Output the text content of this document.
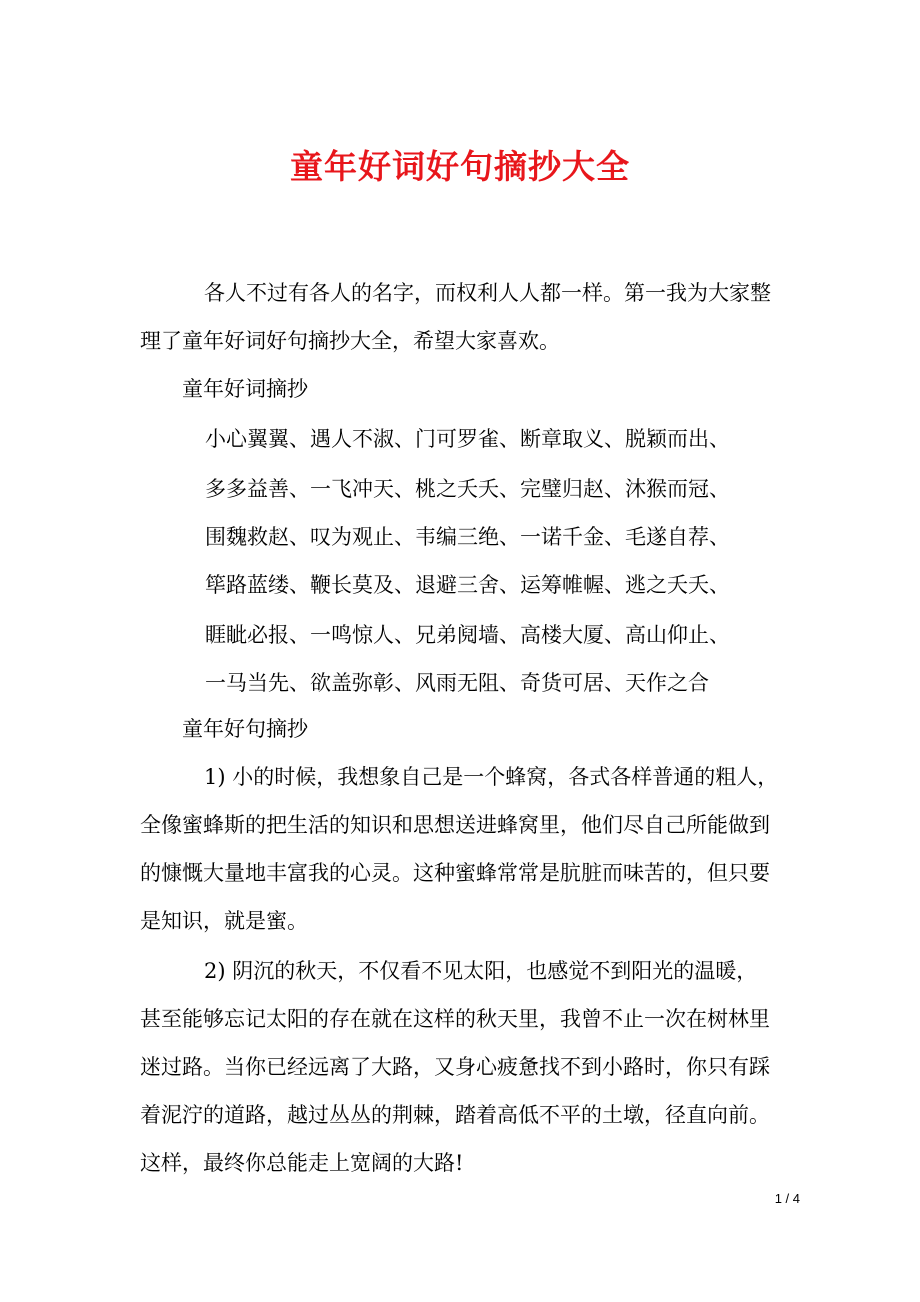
童年好词好句摘抄大全

各人不过有各人的名字，而权利人人都一样。第一我为大家整

理了童年好词好句摘抄大全，希望大家喜欢。

童年好词摘抄

小心翼翼、遇人不淑、门可罗雀、断章取义、脱颖而出、

多多益善、一飞冲天、桃之夭夭、完璧归赵、沐猴而冠、

围魏救赵、叹为观止、韦编三绝、一诺千金、毛遂自荐、

筚路蓝缕、鞭长莫及、退避三舍、运筹帷幄、逃之夭夭、

睚眦必报、一鸣惊人、兄弟阋墙、高楼大厦、高山仰止、

一马当先、欲盖弥彰、风雨无阻、奇货可居、天作之合

童年好句摘抄

1) 小的时候，我想象自己是一个蜂窝，各式各样普通的粗人，

全像蜜蜂斯的把生活的知识和思想送进蜂窝里，他们尽自己所能做到

的慷慨大量地丰富我的心灵。这种蜜蜂常常是肮脏而味苦的，但只要

是知识，就是蜜。

2) 阴沉的秋天，不仅看不见太阳，也感觉不到阳光的温暖，

甚至能够忘记太阳的存在就在这样的秋天里，我曾不止一次在树林里

迷过路。当你已经远离了大路，又身心疲惫找不到小路时，你只有踩

着泥泞的道路，越过丛丛的荆棘，踏着高低不平的土墩，径直向前。

这样，最终你总能走上宽阔的大路!

1 / 4
